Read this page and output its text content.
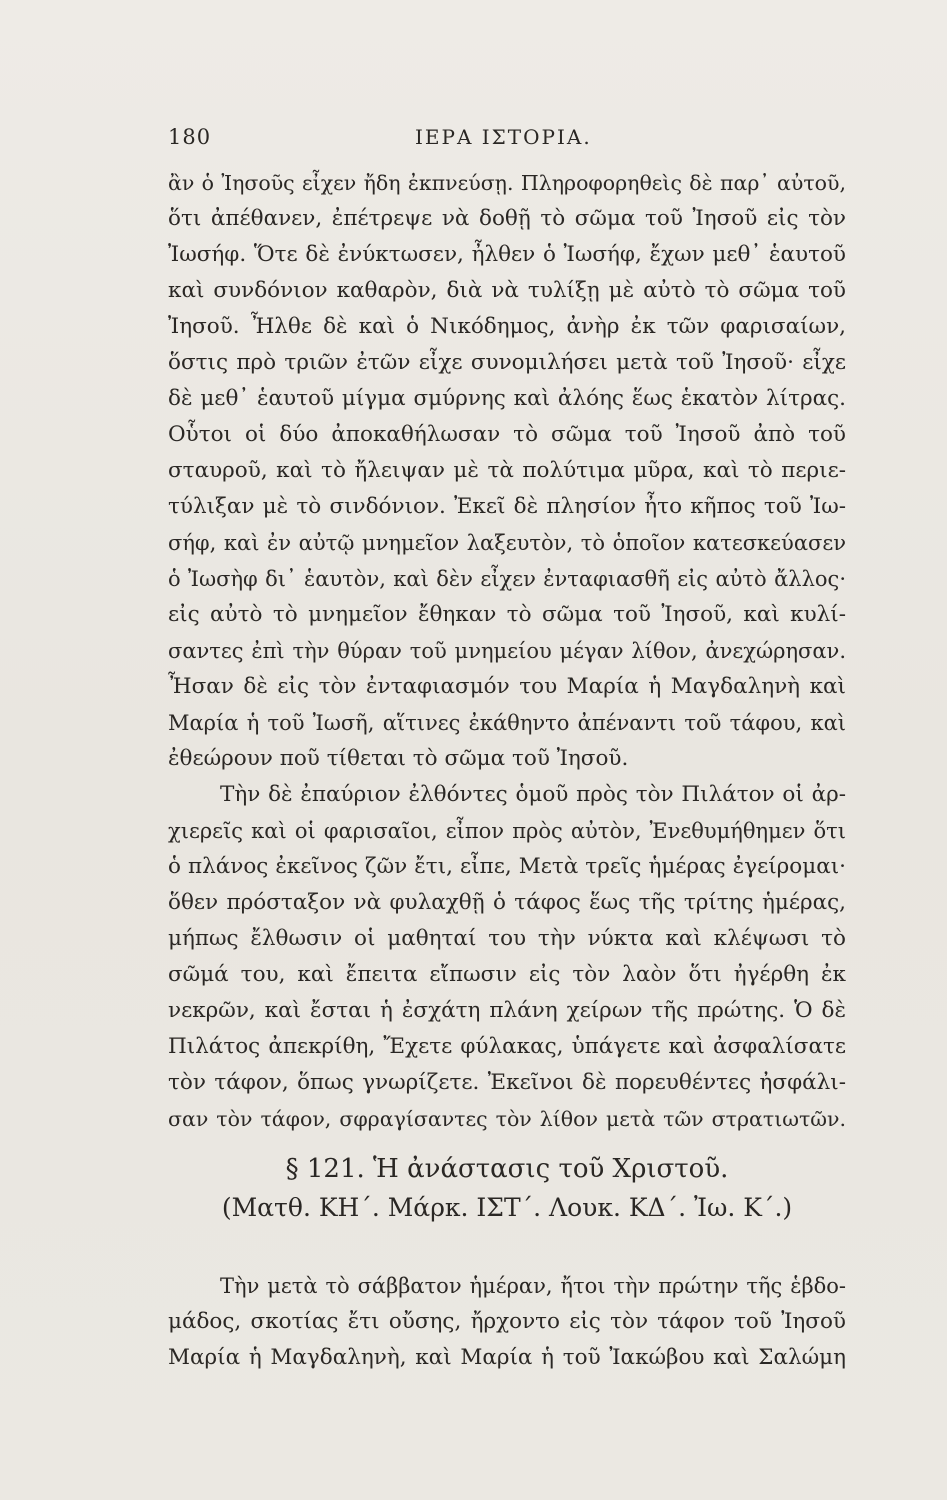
180	ΙΕΡΑ ΙΣΤΟΡΙΑ.
ἂν ὁ Ἰησοῦς εἶχεν ἤδη ἐκπνεύσῃ. Πληροφορηθεὶς δὲ παρ᾽ αὐτοῦ,
ὅτι ἀπέθανεν, ἐπέτρεψε νὰ δοθῇ τὸ σῶμα τοῦ Ἰησοῦ εἰς τὸν
Ἰωσήφ. Ὅτε δὲ ἐνύκτωσεν, ἦλθεν ὁ Ἰωσήφ, ἔχων μεθ᾽ ἑαυτοῦ
καὶ συνδόνιον καθαρὸν, διὰ νὰ τυλίξῃ μὲ αὐτὸ τὸ σῶμα τοῦ
Ἰησοῦ. Ἦλθε δὲ καὶ ὁ Νικόδημος, ἀνὴρ ἐκ τῶν φαρισαίων,
ὅστις πρὸ τριῶν ἐτῶν εἶχε συνομιλήσει μετὰ τοῦ Ἰησοῦ· εἶχε
δὲ μεθ᾽ ἑαυτοῦ μίγμα σμύρνης καὶ ἀλόης ἕως ἑκατὸν λίτρας.
Οὗτοι οἱ δύο ἀποκαθήλωσαν τὸ σῶμα τοῦ Ἰησοῦ ἀπὸ τοῦ
σταυροῦ, καὶ τὸ ἤλειψαν μὲ τὰ πολύτιμα μῦρα, καὶ τὸ περιε-
τύλιξαν μὲ τὸ σινδόνιον. Ἐκεῖ δὲ πλησίον ἦτο κῆπος τοῦ Ἰω-
σήφ, καὶ ἐν αὐτῷ μνημεῖον λαξευτὸν, τὸ ὁποῖον κατεσκεύασεν
ὁ Ἰωσὴφ δι᾽ ἑαυτὸν, καὶ δὲν εἶχεν ἐνταφιασθῆ εἰς αὐτὸ ἄλλος·
εἰς αὐτὸ τὸ μνημεῖον ἔθηκαν τὸ σῶμα τοῦ Ἰησοῦ, καὶ κυλί-
σαντες ἐπὶ τὴν θύραν τοῦ μνημείου μέγαν λίθον, ἀνεχώρησαν.
Ἦσαν δὲ εἰς τὸν ἐνταφιασμόν του Μαρία ἡ Μαγδαληνὴ καὶ
Μαρία ἡ τοῦ Ἰωσῆ, αἵτινες ἐκάθηντο ἀπέναντι τοῦ τάφου, καὶ
ἐθεώρουν ποῦ τίθεται τὸ σῶμα τοῦ Ἰησοῦ.
Τὴν δὲ ἐπαύριον ἐλθόντες ὁμοῦ πρὸς τὸν Πιλάτον οἱ ἀρ-
χιερεῖς καὶ οἱ φαρισαῖοι, εἶπον πρὸς αὐτὸν, Ἐνεθυμήθημεν ὅτι
ὁ πλάνος ἐκεῖνος ζῶν ἔτι, εἶπε, Μετὰ τρεῖς ἡμέρας ἐγείρομαι·
ὅθεν πρόσταξον νὰ φυλαχθῇ ὁ τάφος ἕως τῆς τρίτης ἡμέρας,
μήπως ἔλθωσιν οἱ μαθηταί του τὴν νύκτα καὶ κλέψωσι τὸ
σῶμά του, καὶ ἔπειτα εἴπωσιν εἰς τὸν λαὸν ὅτι ἠγέρθη ἐκ
νεκρῶν, καὶ ἔσται ἡ ἐσχάτη πλάνη χείρων τῆς πρώτης. Ὁ δὲ
Πιλάτος ἀπεκρίθη, Ἔχετε φύλακας, ὑπάγετε καὶ ἀσφαλίσατε
τὸν τάφον, ὅπως γνωρίζετε. Ἐκεῖνοι δὲ πορευθέντες ἠσφάλι-
σαν τὸν τάφον, σφραγίσαντες τὸν λίθον μετὰ τῶν στρατιωτῶν.
§ 121. Ἡ ἀνάστασις τοῦ Χριστοῦ.
(Ματθ. ΚΗ΄. Μάρκ. ΙΣΤ΄. Λουκ. ΚΔ΄. Ἰω. Κ΄.)
Τὴν μετὰ τὸ σάββατον ἡμέραν, ἤτοι τὴν πρώτην τῆς ἑβδο-
μάδος, σκοτίας ἔτι οὔσης, ἤρχοντο εἰς τὸν τάφον τοῦ Ἰησοῦ
Μαρία ἡ Μαγδαληνὴ, καὶ Μαρία ἡ τοῦ Ἰακώβου καὶ Σαλώμη
